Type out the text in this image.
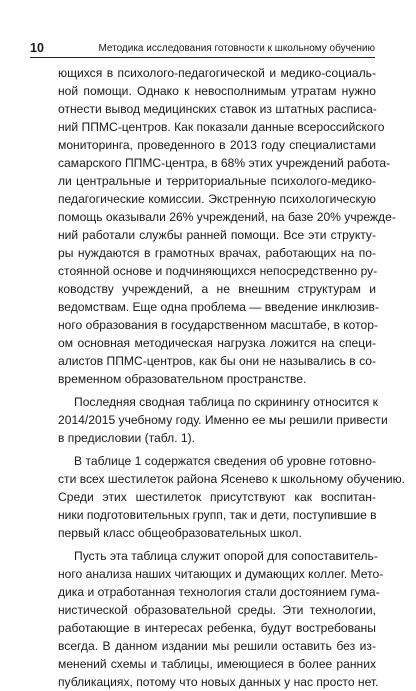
10	Методика исследования готовности к школьному обучению
ющихся в психолого-педагогической и медико-социаль-
ной помощи. Однако к невосполнимым утратам нужно
отнести вывод медицинских ставок из штатных расписа-
ний ППМС-центров. Как показали данные всероссийского
мониторинга, проведенного в 2013 году специалистами
самарского ППМС-центра, в 68% этих учреждений работа-
ли центральные и территориальные психолого-медико-
педагогические комиссии. Экстренную психологическую
помощь оказывали 26% учреждений, на базе 20% учрежде-
ний работали службы ранней помощи. Все эти структу-
ры нуждаются в грамотных врачах, работающих на по-
стоянной основе и подчиняющихся непосредственно ру-
ководству учреждений, а не внешним структурам и
ведомствам. Еще одна проблема — введение инклюзив-
ного образования в государственном масштабе, в котор-
ом основная методическая нагрузка ложится на специ-
алистов ППМС-центров, как бы они не назывались в со-
временном образовательном пространстве.
Последняя сводная таблица по скринингу относится к
2014/2015 учебному году. Именно ее мы решили привести
в предисловии (табл. 1).
В таблице 1 содержатся сведения об уровне готовно-
сти всех шестилеток района Ясенево к школьному обучению.
Среди этих шестилеток присутствуют как воспитан-
ники подготовительных групп, так и дети, поступившие в
первый класс общеобразовательных школ.
Пусть эта таблица служит опорой для сопоставитель-
ного анализа наших читающих и думающих коллег. Мето-
дика и отработанная технология стали достоянием гума-
нистической образовательной среды. Эти технологии,
работающие в интересах ребенка, будут востребованы
всегда. В данном издании мы решили оставить без из-
менений схемы и таблицы, имеющиеся в более ранних
публикациях, потому что новых данных у нас просто нет.
